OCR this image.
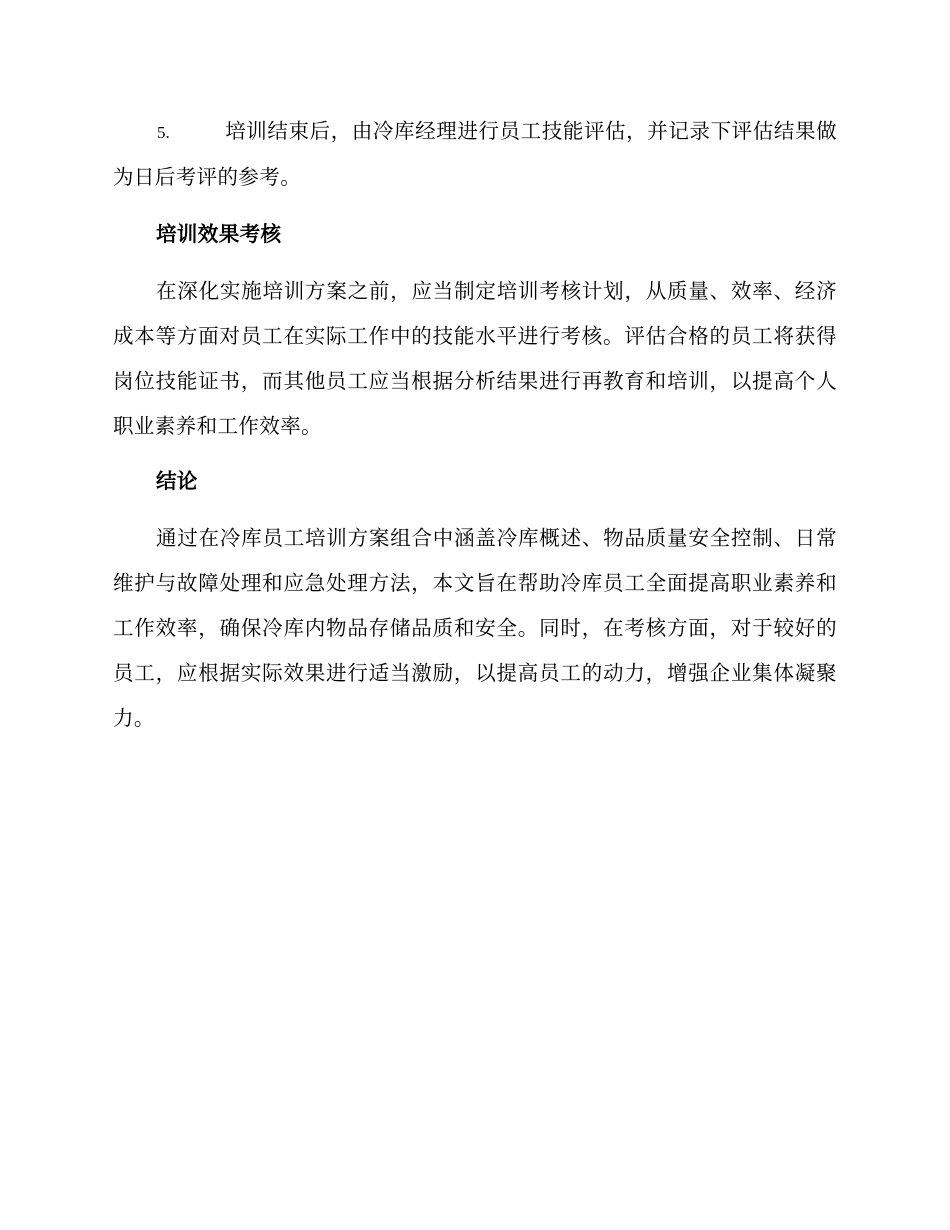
5.	培训结束后，由冷库经理进行员工技能评估，并记录下评估结果做为日后考评的参考。

培训效果考核

在深化实施培训方案之前，应当制定培训考核计划，从质量、效率、经济成本等方面对员工在实际工作中的技能水平进行考核。评估合格的员工将获得岗位技能证书，而其他员工应当根据分析结果进行再教育和培训，以提高个人职业素养和工作效率。

结论

通过在冷库员工培训方案组合中涵盖冷库概述、物品质量安全控制、日常维护与故障处理和应急处理方法，本文旨在帮助冷库员工全面提高职业素养和工作效率，确保冷库内物品存储品质和安全。同时，在考核方面，对于较好的员工，应根据实际效果进行适当激励，以提高员工的动力，增强企业集体凝聚力。
